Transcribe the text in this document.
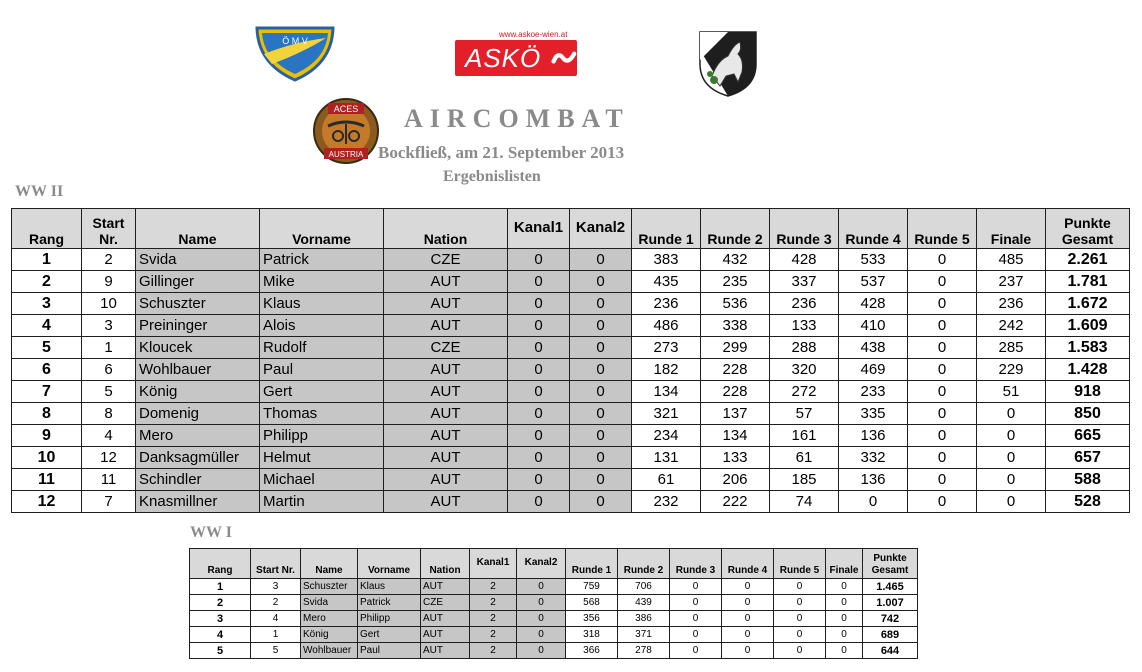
Ö M V
www.askoe-wien.at
ASKÖ
ACES
AUSTRIA
AIRCOMBAT
Bockfließ, am 21. September 2013
Ergebnislisten
WW II
Rang	Start Nr.	Name	Vorname	Nation	Kanal1	Kanal2	Runde 1	Runde 2	Runde 3	Runde 4	Runde 5	Finale	Punkte Gesamt
1	2	Svida	Patrick	CZE	0	0	383	432	428	533	0	485	2.261
2	9	Gillinger	Mike	AUT	0	0	435	235	337	537	0	237	1.781
3	10	Schuszter	Klaus	AUT	0	0	236	536	236	428	0	236	1.672
4	3	Preininger	Alois	AUT	0	0	486	338	133	410	0	242	1.609
5	1	Kloucek	Rudolf	CZE	0	0	273	299	288	438	0	285	1.583
6	6	Wohlbauer	Paul	AUT	0	0	182	228	320	469	0	229	1.428
7	5	König	Gert	AUT	0	0	134	228	272	233	0	51	918
8	8	Domenig	Thomas	AUT	0	0	321	137	57	335	0	0	850
9	4	Mero	Philipp	AUT	0	0	234	134	161	136	0	0	665
10	12	Danksagmüller	Helmut	AUT	0	0	131	133	61	332	0	0	657
11	11	Schindler	Michael	AUT	0	0	61	206	185	136	0	0	588
12	7	Knasmillner	Martin	AUT	0	0	232	222	74	0	0	0	528
WW I
Rang	Start Nr.	Name	Vorname	Nation	Kanal1	Kanal2	Runde 1	Runde 2	Runde 3	Runde 4	Runde 5	Finale	Punkte Gesamt
1	3	Schuszter	Klaus	AUT	2	0	759	706	0	0	0	0	1.465
2	2	Svida	Patrick	CZE	2	0	568	439	0	0	0	0	1.007
3	4	Mero	Philipp	AUT	2	0	356	386	0	0	0	0	742
4	1	König	Gert	AUT	2	0	318	371	0	0	0	0	689
5	5	Wohlbauer	Paul	AUT	2	0	366	278	0	0	0	0	644
